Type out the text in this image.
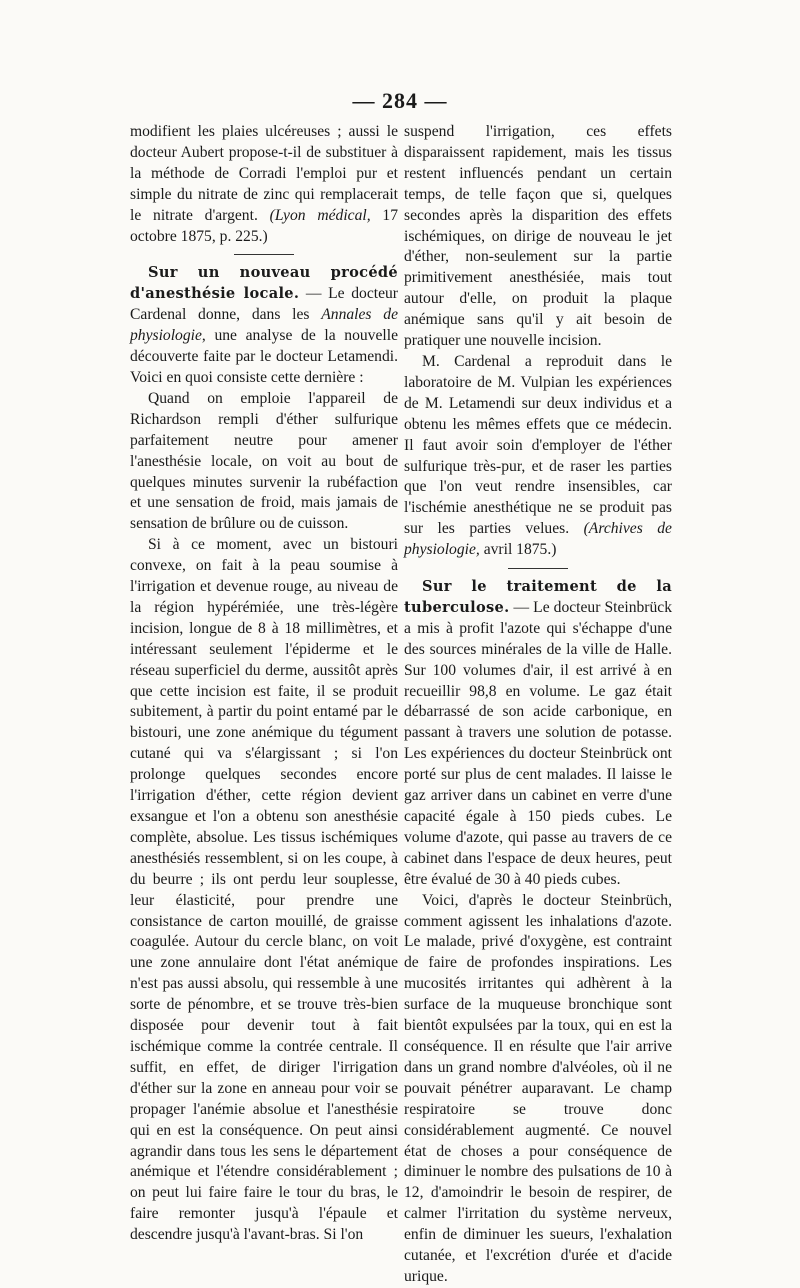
— 284 —

modifient les plaies ulcéreuses ; aussi le docteur Aubert propose-t-il de substituer à la méthode de Corradi l'emploi pur et simple du nitrate de zinc qui remplacerait le nitrate d'argent. (Lyon médical, 17 octobre 1875, p. 225.)

Sur un nouveau procédé d'anesthésie locale. — Le docteur Cardenal donne, dans les Annales de physiologie, une analyse de la nouvelle découverte faite par le docteur Letamendi. Voici en quoi consiste cette dernière :

Quand on emploie l'appareil de Richardson rempli d'éther sulfurique parfaitement neutre pour amener l'anesthésie locale, on voit au bout de quelques minutes survenir la rubéfaction et une sensation de froid, mais jamais de sensation de brûlure ou de cuisson.

Si à ce moment, avec un bistouri convexe, on fait à la peau soumise à l'irrigation et devenue rouge, au niveau de la région hypérémiée, une très-légère incision, longue de 8 à 18 millimètres, et intéressant seulement l'épiderme et le réseau superficiel du derme, aussitôt après que cette incision est faite, il se produit subitement, à partir du point entamé par le bistouri, une zone anémique du tégument cutané qui va s'élargissant ; si l'on prolonge quelques secondes encore l'irrigation d'éther, cette région devient exsangue et l'on a obtenu son anesthésie complète, absolue. Les tissus ischémiques anesthésiés ressemblent, si on les coupe, à du beurre ; ils ont perdu leur souplesse, leur élasticité, pour prendre une consistance de carton mouillé, de graisse coagulée. Autour du cercle blanc, on voit une zone annulaire dont l'état anémique n'est pas aussi absolu, qui ressemble à une sorte de pénombre, et se trouve très-bien disposée pour devenir tout à fait ischémique comme la contrée centrale. Il suffit, en effet, de diriger l'irrigation d'éther sur la zone en anneau pour voir se propager l'anémie absolue et l'anesthésie qui en est la conséquence. On peut ainsi agrandir dans tous les sens le département anémique et l'étendre considérablement ; on peut lui faire faire le tour du bras, le faire remonter jusqu'à l'épaule et descendre jusqu'à l'avant-bras. Si l'on

suspend l'irrigation, ces effets disparaissent rapidement, mais les tissus restent influencés pendant un certain temps, de telle façon que si, quelques secondes après la disparition des effets ischémiques, on dirige de nouveau le jet d'éther, non-seulement sur la partie primitivement anesthésiée, mais tout autour d'elle, on produit la plaque anémique sans qu'il y ait besoin de pratiquer une nouvelle incision.

M. Cardenal a reproduit dans le laboratoire de M. Vulpian les expériences de M. Letamendi sur deux individus et a obtenu les mêmes effets que ce médecin. Il faut avoir soin d'employer de l'éther sulfurique très-pur, et de raser les parties que l'on veut rendre insensibles, car l'ischémie anesthétique ne se produit pas sur les parties velues. (Archives de physiologie, avril 1875.)

Sur le traitement de la tuberculose. — Le docteur Steinbrück a mis à profit l'azote qui s'échappe d'une des sources minérales de la ville de Halle. Sur 100 volumes d'air, il est arrivé à en recueillir 98,8 en volume. Le gaz était débarrassé de son acide carbonique, en passant à travers une solution de potasse. Les expériences du docteur Steinbrück ont porté sur plus de cent malades. Il laisse le gaz arriver dans un cabinet en verre d'une capacité égale à 150 pieds cubes. Le volume d'azote, qui passe au travers de ce cabinet dans l'espace de deux heures, peut être évalué de 30 à 40 pieds cubes.

Voici, d'après le docteur Steinbrüch, comment agissent les inhalations d'azote. Le malade, privé d'oxygène, est contraint de faire de profondes inspirations. Les mucosités irritantes qui adhèrent à la surface de la muqueuse bronchique sont bientôt expulsées par la toux, qui en est la conséquence. Il en résulte que l'air arrive dans un grand nombre d'alvéoles, où il ne pouvait pénétrer auparavant. Le champ respiratoire se trouve donc considérablement augmenté. Ce nouvel état de choses a pour conséquence de diminuer le nombre des pulsations de 10 à 12, d'amoindrir le besoin de respirer, de calmer l'irritation du système nerveux, enfin de diminuer les sueurs, l'exhalation cutanée, et l'excrétion d'urée et d'acide urique.
